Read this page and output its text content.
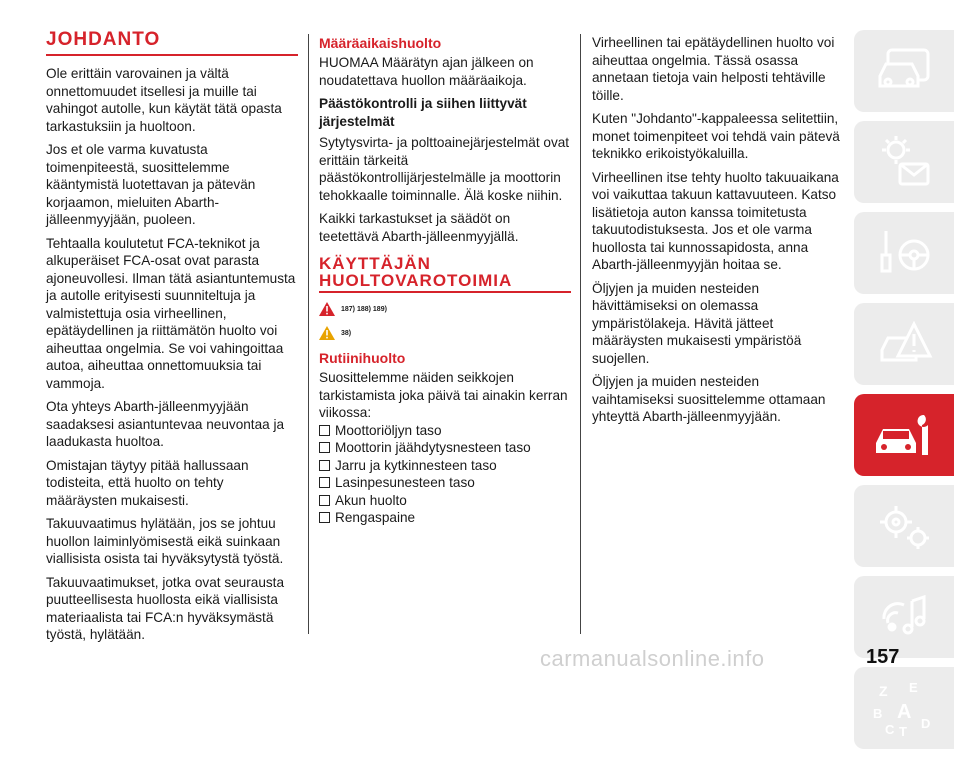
JOHDANTO

Ole erittäin varovainen ja vältä onnettomuudet itsellesi ja muille tai vahingot autolle, kun käytät tätä opasta tarkastuksiin ja huoltoon.

Jos et ole varma kuvatusta toimenpiteestä, suosittelemme kääntymistä luotettavan ja pätevän korjaamon, mieluiten Abarth-jälleenmyyjään, puoleen.

Tehtaalla koulutetut FCA-teknikot ja alkuperäiset FCA-osat ovat parasta ajoneuvollesi. Ilman tätä asiantuntemusta ja autolle erityisesti suunniteltuja ja valmistettuja osia virheellinen, epätäydellinen ja riittämätön huolto voi aiheuttaa ongelmia. Se voi vahingoittaa autoa, aiheuttaa onnettomuuksia tai vammoja.

Ota yhteys Abarth-jälleenmyyjään saadaksesi asiantuntevaa neuvontaa ja laadukasta huoltoa.

Omistajan täytyy pitää hallussaan todisteita, että huolto on tehty määräysten mukaisesti.

Takuuvaatimus hylätään, jos se johtuu huollon laiminlyömisestä eikä suinkaan viallisista osista tai hyväksytystä työstä.

Takuuvaatimukset, jotka ovat seurausta puutteellisesta huollosta eikä viallisista materiaalista tai FCA:n hyväksymästä työstä, hylätään.

Määräaikaishuolto

HUOMAA Määrätyn ajan jälkeen on noudatettava huollon määräaikoja.

Päästökontrolli ja siihen liittyvät järjestelmät

Sytytysvirta- ja polttoainejärjestelmät ovat erittäin tärkeitä päästökontrollijärjestelmälle ja moottorin tehokkaalle toiminnalle. Älä koske niihin.

Kaikki tarkastukset ja säädöt on teetettävä Abarth-jälleenmyyjällä.

KÄYTTÄJÄN
HUOLTOVAROTOIMIA
187) 188) 189)
38)
Rutiinihuolto

Suosittelemme näiden seikkojen tarkistamista joka päivä tai ainakin kerran viikossa:

Moottoriöljyn taso
Moottorin jäähdytysnesteen taso
Jarru ja kytkinnesteen taso
Lasinpesunesteen taso
Akun huolto
Rengaspaine

Virheellinen tai epätäydellinen huolto voi aiheuttaa ongelmia. Tässä osassa annetaan tietoja vain helposti tehtäville töille.

Kuten "Johdanto"-kappaleessa selitettiin, monet toimenpiteet voi tehdä vain pätevä teknikko erikoistyökaluilla.

Virheellinen itse tehty huolto takuuaikana voi vaikuttaa takuun kattavuuteen. Katso lisätietoja auton kanssa toimitetusta takuutodistuksesta. Jos et ole varma huollosta tai kunnossapidosta, anna Abarth-jälleenmyyjän hoitaa se.

Öljyjen ja muiden nesteiden hävittämiseksi on olemassa ympäristölakeja. Hävitä jätteet määräysten mukaisesti ympäristöä suojellen.

Öljyjen ja muiden nesteiden vaihtamiseksi suosittelemme ottamaan yhteyttä Abarth-jälleenmyyjään.

Z E
B A
C T
D
carmanualsonline.info	157
